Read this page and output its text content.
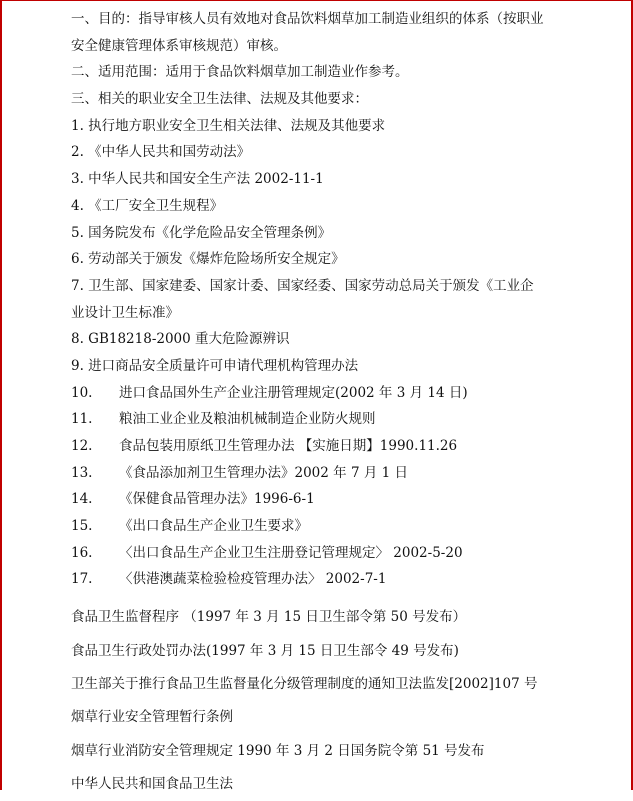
一、目的：指导审核人员有效地对食品饮料烟草加工制造业组织的体系（按职业
安全健康管理体系审核规范）审核。
二、适用范围：适用于食品饮料烟草加工制造业作参考。
三、相关的职业安全卫生法律、法规及其他要求：
1. 执行地方职业安全卫生相关法律、法规及其他要求
2. 《中华人民共和国劳动法》
3. 中华人民共和国安全生产法 2002-11-1
4. 《工厂安全卫生规程》
5. 国务院发布《化学危险品安全管理条例》
6. 劳动部关于颁发《爆炸危险场所安全规定》
7. 卫生部、国家建委、国家计委、国家经委、国家劳动总局关于颁发《工业企
业设计卫生标准》
8. GB18218-2000 重大危险源辨识
9. 进口商品安全质量许可申请代理机构管理办法
10. 进口食品国外生产企业注册管理规定(2002 年 3 月 14 日)
11. 粮油工业企业及粮油机械制造企业防火规则
12. 食品包装用原纸卫生管理办法 【实施日期】1990.11.26
13. 《食品添加剂卫生管理办法》2002 年 7 月 1 日
14. 《保健食品管理办法》1996-6-1
15. 《出口食品生产企业卫生要求》
16. 〈出口食品生产企业卫生注册登记管理规定〉 2002-5-20
17. 〈供港澳蔬菜检验检疫管理办法〉 2002-7-1
食品卫生监督程序 （1997 年 3 月 15 日卫生部令第 50 号发布）
食品卫生行政处罚办法(1997 年 3 月 15 日卫生部令 49 号发布)
卫生部关于推行食品卫生监督量化分级管理制度的通知卫法监发[2002]107 号
烟草行业安全管理暂行条例
烟草行业消防安全管理规定 1990 年 3 月 2 日国务院令第 51 号发布
中华人民共和国食品卫生法
